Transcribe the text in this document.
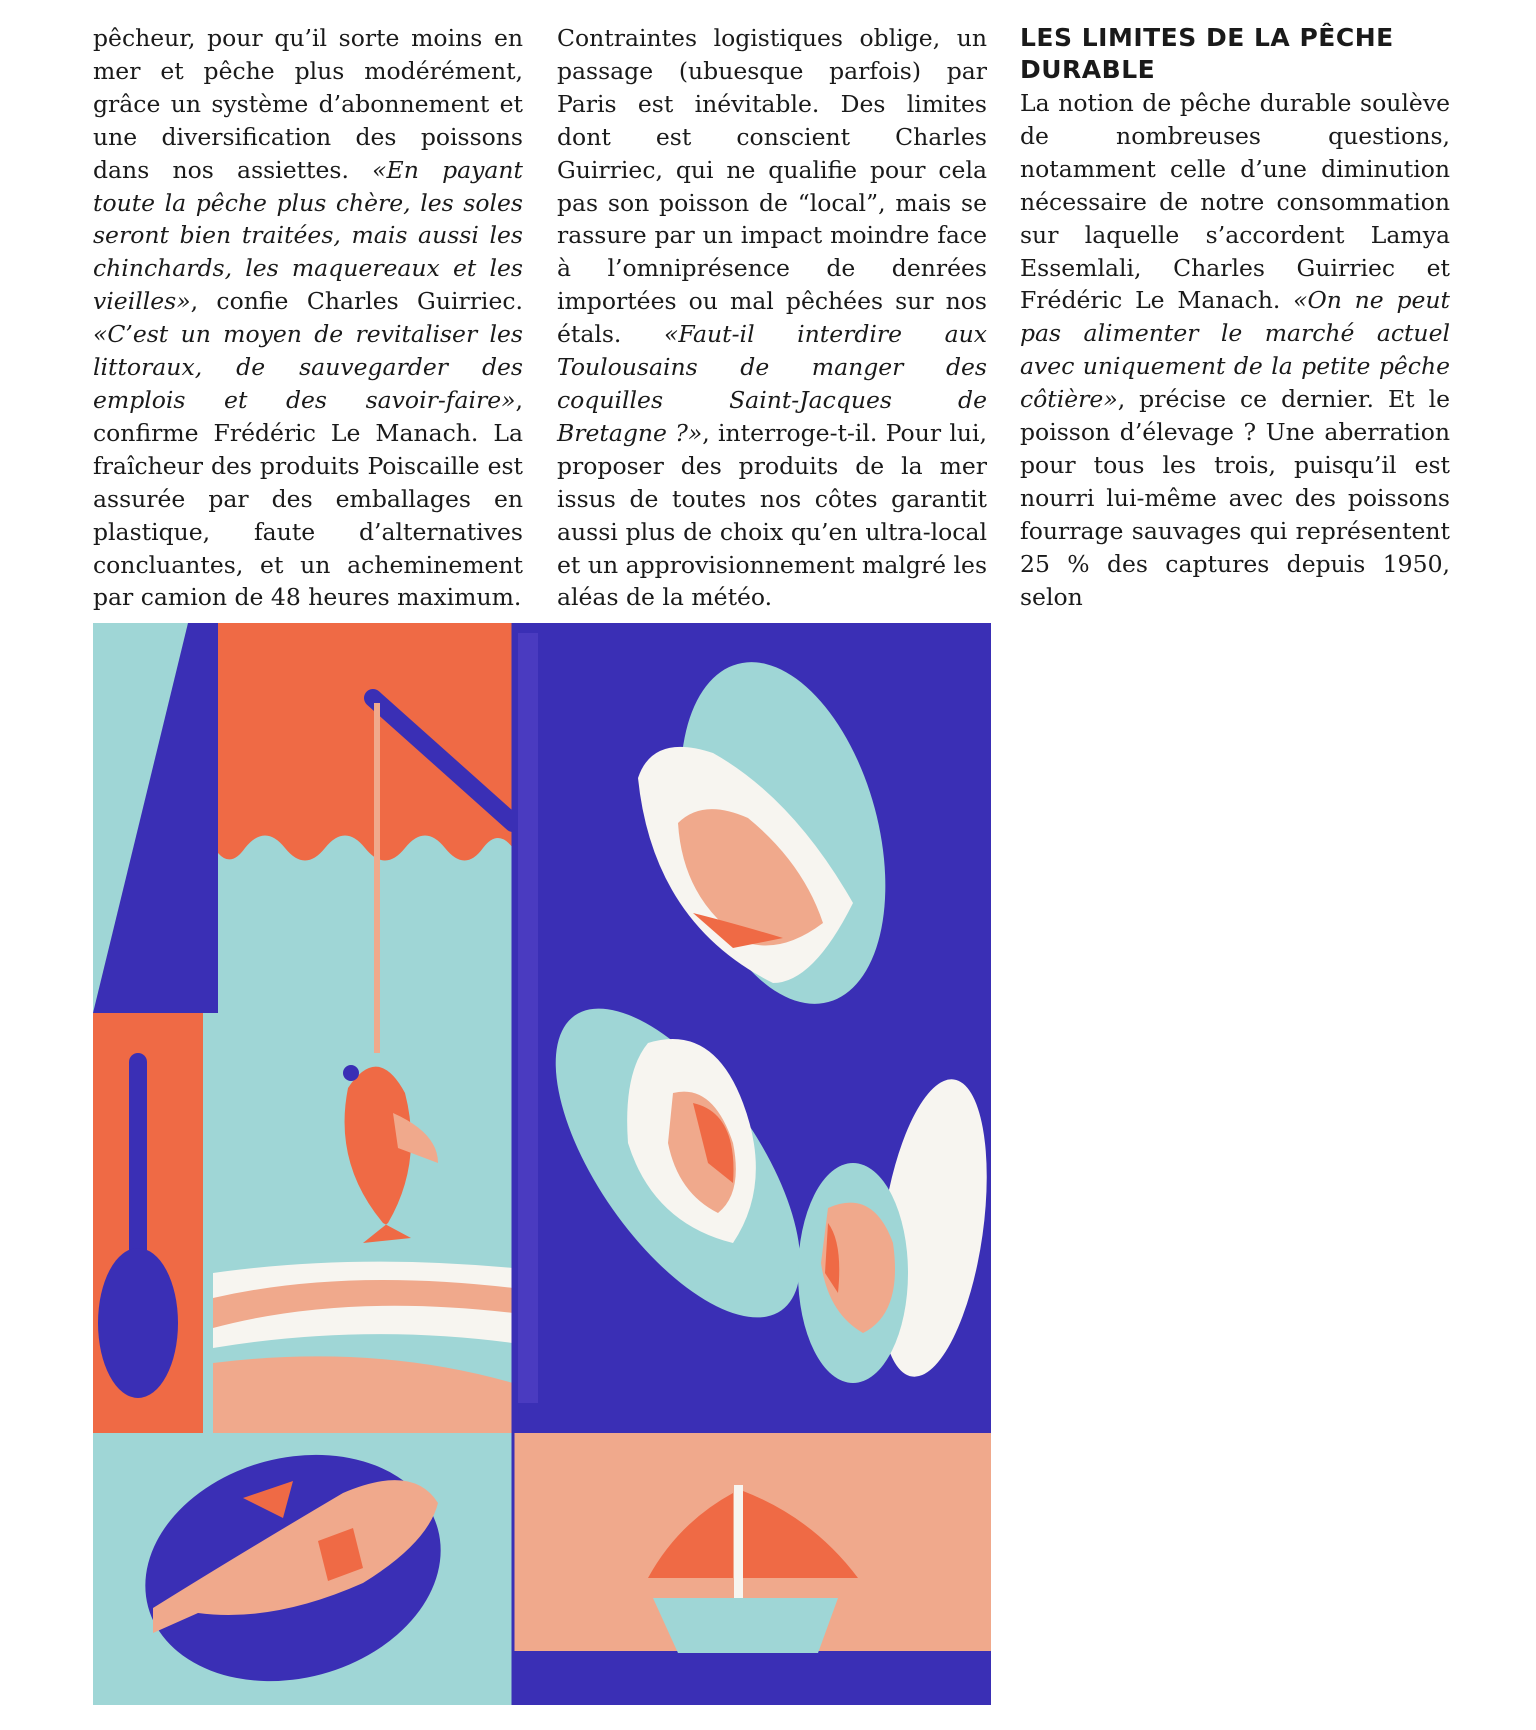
pêcheur, pour qu’il sorte moins en mer et pêche plus modérément, grâce un système d’abonnement et une diversification des poissons dans nos assiettes. «En payant toute la pêche plus chère, les soles seront bien traitées, mais aussi les chinchards, les maquereaux et les vieilles», confie Charles Guirriec. «C’est un moyen de revitaliser les littoraux, de sauvegarder des emplois et des savoir-faire», confirme Frédéric Le Manach. La fraîcheur des produits Poiscaille est assurée par des emballages en plastique, faute d’alternatives concluantes, et un acheminement par camion de 48 heures maximum.

Contraintes logistiques oblige, un passage (ubuesque parfois) par Paris est inévitable. Des limites dont est conscient Charles Guirriec, qui ne qualifie pour cela pas son poisson de “local”, mais se rassure par un impact moindre face à l’omniprésence de denrées importées ou mal pêchées sur nos étals. «Faut-il interdire aux Toulousains de manger des coquilles Saint-Jacques de Bretagne ?», interroge-t-il. Pour lui, proposer des produits de la mer issus de toutes nos côtes garantit aussi plus de choix qu’en ultra-local et un approvisionnement malgré les aléas de la météo.

LES LIMITES DE LA PÊCHE DURABLE

La notion de pêche durable soulève de nombreuses questions, notamment celle d’une diminution nécessaire de notre consommation sur laquelle s’accordent Lamya Essemlali, Charles Guirriec et Frédéric Le Manach. «On ne peut pas alimenter le marché actuel avec uniquement de la petite pêche côtière», précise ce dernier. Et le poisson d’élevage ? Une aberration pour tous les trois, puisqu’il est nourri lui-même avec des poissons fourrage sauvages qui représentent 25 % des captures depuis 1950, selon
